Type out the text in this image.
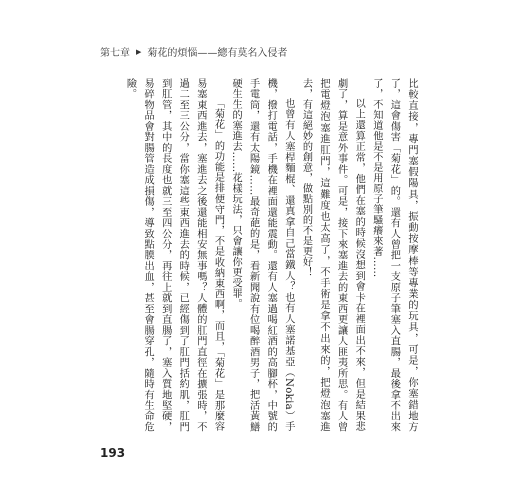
第七章 ▶ 菊花的煩惱——總有莫名入侵者

比較直接，專門塞假陽具，振動按摩棒等專業的玩具，可是，你塞錯地方了，這會傷害「菊花」的。還有人曾把一支原子筆塞入直腸，最後拿不出來了，不知道他是不是用原子筆騷癢來著……

以上還算正常，他們在塞的時候沒想到會卡在裡面出不來，但是結果悲劇了，算是意外事件。可是，接下來塞進去的東西更讓人匪夷所思。有人曾把電燈泡塞進肛門，這難度也太高了，不手術是拿不出來的，把燈泡塞進去，有這絕妙的創意，做點別的不是更好！

也曾有人塞桿麵棍、還真拿自己當鐵人？也有人塞諾基亞（Nokia）手機，撥打電話，手機在裡面還能震動。還有人塞過喝紅酒的高腳杯，中號的手電筒，還有太陽鏡……最奇葩的是，看新聞說有位喝醉酒男子，把活黃鱔硬生生的塞進去……花樣玩法，只會讓你更受罪。

「菊花」的功能是排便守門，不是收納東西啊，而且，「菊花」是那麼容易塞東西進去，塞進去之後還能相安無事嗎？人體的肛門直徑在擴張時，不過二至三公分，當你塞這些東西進去的時候，已經傷到了肛門括約肌，肛門到肛管，其中的長度也就三至四公分，再往上就到直腸了，塞入質地堅硬，易碎物品會對腸管造成損傷，導致點膜出血，甚至會腸穿孔，隨時有生命危險。

193
